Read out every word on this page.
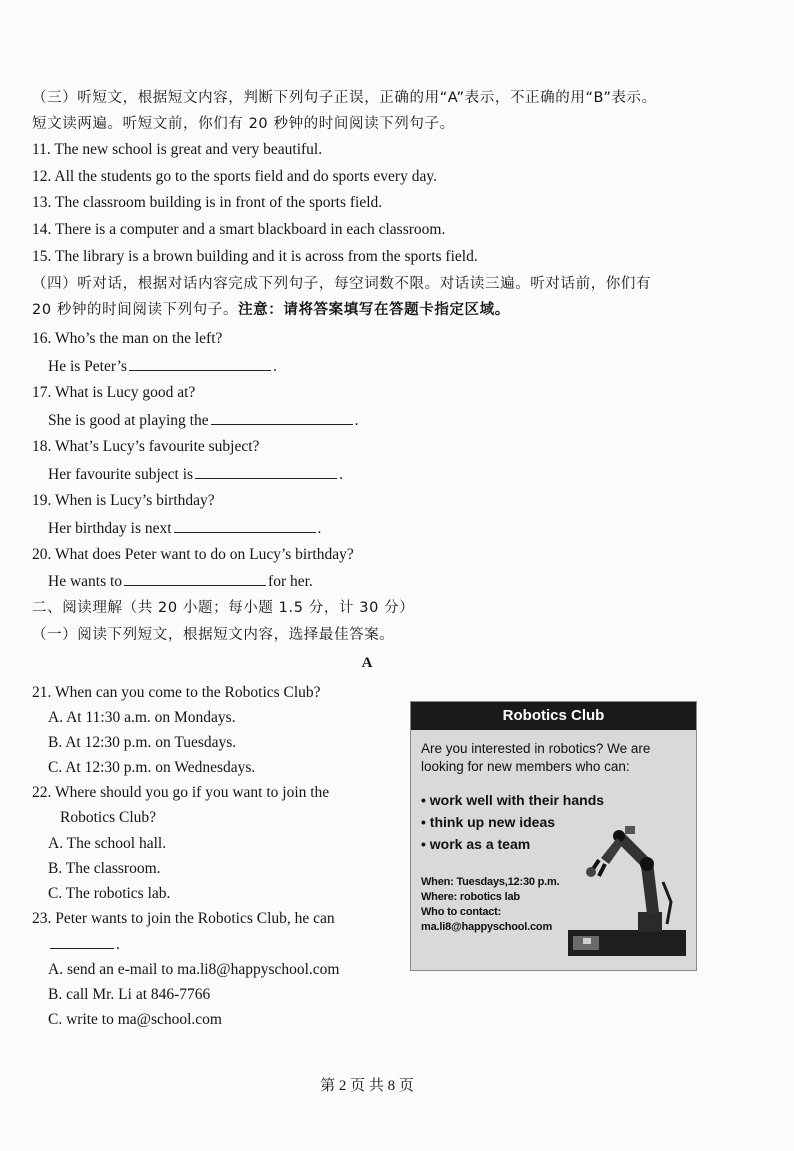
（三）听短文，根据短文内容，判断下列句子正误，正确的用“A”表示，不正确的用“B”表示。
短文读两遍。听短文前，你们有 20 秒钟的时间阅读下列句子。
11. The new school is great and very beautiful.
12. All the students go to the sports field and do sports every day.
13. The classroom building is in front of the sports field.
14. There is a computer and a smart blackboard in each classroom.
15. The library is a brown building and it is across from the sports field.
（四）听对话，根据对话内容完成下列句子，每空词数不限。对话读三遍。听对话前，你们有
20 秒钟的时间阅读下列句子。注意：请将答案填写在答题卡指定区域。
16. Who’s the man on the left?
He is Peter’s	.
17. What is Lucy good at?
She is good at playing the	.
18. What’s Lucy’s favourite subject?
Her favourite subject is	.
19. When is Lucy’s birthday?
Her birthday is next	.
20. What does Peter want to do on Lucy’s birthday?
He wants to	for her.
二、阅读理解（共 20 小题；每小题 1.5 分，计 30 分）
（一）阅读下列短文，根据短文内容，选择最佳答案。
A
21. When can you come to the Robotics Club?
A. At 11:30 a.m. on Mondays.
B. At 12:30 p.m. on Tuesdays.
C. At 12:30 p.m. on Wednesdays.
22. Where should you go if you want to join the
Robotics Club?
A. The school hall.
B. The classroom.
C. The robotics lab.
23. Peter wants to join the Robotics Club, he can
.
A. send an e-mail to ma.li8@happyschool.com
B. call Mr. Li at 846-7766
C. write to ma@school.com
Robotics Club
Are you interested in robotics? We are looking for new members who can:
• work well with their hands
• think up new ideas
• work as a team
When: Tuesdays,12:30 p.m.
Where: robotics lab
Who to contact:
ma.li8@happyschool.com
第 2 页 共 8 页
